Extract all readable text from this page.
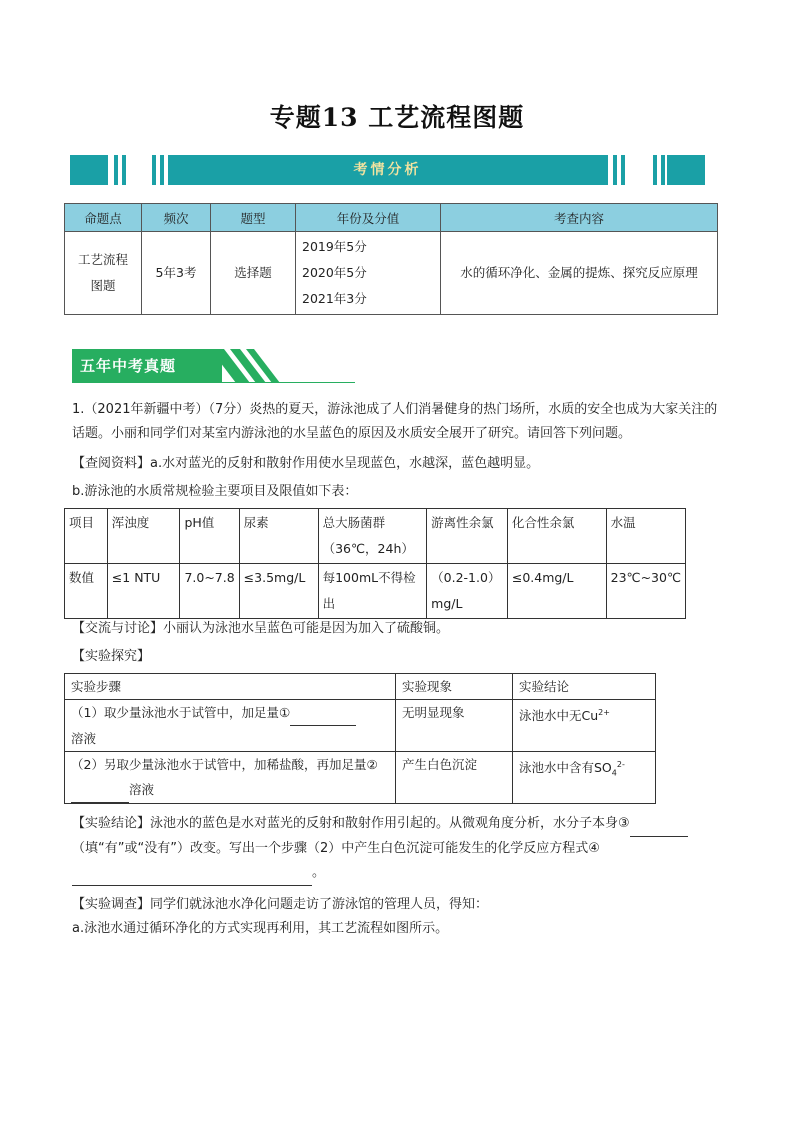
专题13 工艺流程图题
考情分析
命题点	频次	题型	年份及分值	考查内容
工艺流程图题	5年3考	选择题	2019年5分
2020年5分
2021年3分	水的循环净化、金属的提炼、探究反应原理
五年中考真题
1.（2021年新疆中考）（7分）炎热的夏天，游泳池成了人们消暑健身的热门场所，水质的安全也成为大家关注的话题。小丽和同学们对某室内游泳池的水呈蓝色的原因及水质安全展开了研究。请回答下列问题。
【查阅资料】a.水对蓝光的反射和散射作用使水呈现蓝色，水越深，蓝色越明显。
b.游泳池的水质常规检验主要项目及限值如下表：
项目	浑浊度	pH值	尿素	总大肠菌群（36℃，24h）	游离性余氯	化合性余氯	水温
数值	≤1 NTU	7.0~7.8	≤3.5mg/L	每100mL不得检出	（0.2-1.0）mg/L	≤0.4mg/L	23℃~30℃
【交流与讨论】小丽认为泳池水呈蓝色可能是因为加入了硫酸铜。
【实验探究】
实验步骤	实验现象	实验结论
（1）取少量泳池水于试管中，加足量①
溶液	无明显现象	泳池水中无$Cu^{2+}$
（2）另取少量泳池水于试管中，加稀盐酸，再加足量② 溶液	产生白色沉淀	泳池水中含有$SO_4^{2-}$
【实验结论】泳池水的蓝色是水对蓝光的反射和散射作用引起的。从微观角度分析，水分子本身③ （填“有”或“没有”）改变。写出一个步骤（2）中产生白色沉淀可能发生的化学反应方程式④
。
【实验调查】同学们就泳池水净化问题走访了游泳馆的管理人员，得知：
a.泳池水通过循环净化的方式实现再利用，其工艺流程如图所示。
